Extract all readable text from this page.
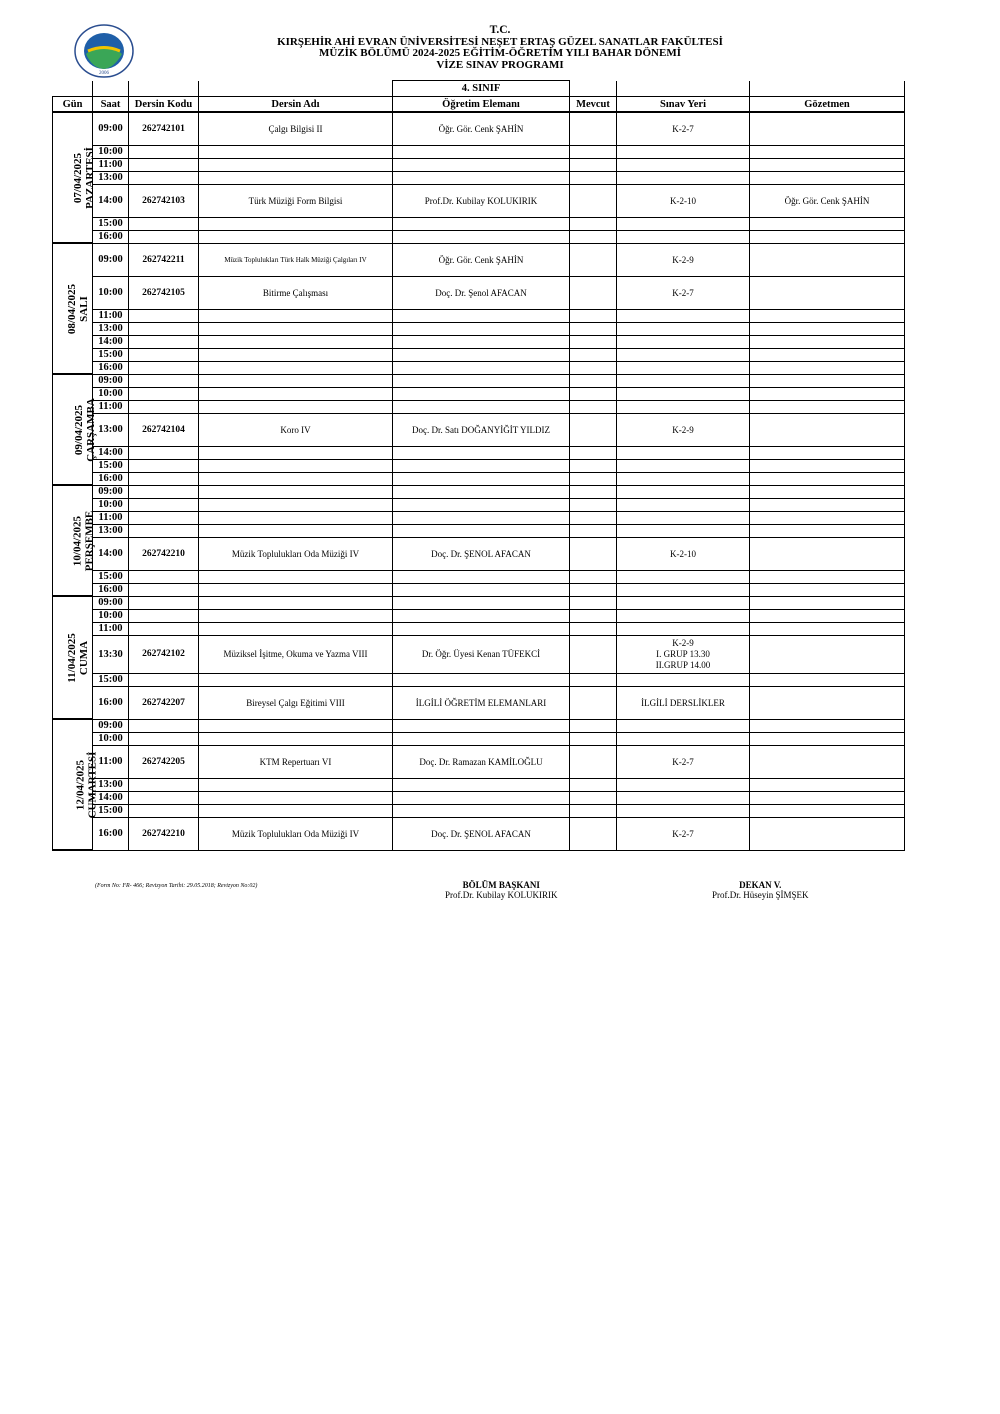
2006
T.C.
KIRŞEHİR AHİ EVRAN ÜNİVERSİTESİ NEŞET ERTAŞ GÜZEL SANATLAR FAKÜLTESİ
MÜZİK BÖLÜMÜ 2024-2025 EĞİTİM-ÖĞRETİM YILI BAHAR DÖNEMİ
VİZE SINAV PROGRAMI
				4. SINIF			
Gün	Saat	Dersin Kodu	Dersin Adı	Öğretim Elemanı	Mevcut	Sınav Yeri	Gözetmen

07/04/2025 PAZARTESİ	09:00	262742101	Çalgı Bilgisi II	Öğr. Gör. Cenk ŞAHİN		K-2-7	
	10:00						
	11:00						
	13:00						
	14:00	262742103	Türk Müziği Form Bilgisi	Prof.Dr. Kubilay KOLUKIRIK		K-2-10	Öğr. Gör. Cenk ŞAHİN
	15:00						
	16:00						

08/04/2025 SALI	09:00	262742211	Müzik Toplulukları Türk Halk Müziği Çalgıları IV	Öğr. Gör. Cenk ŞAHİN		K-2-9	
	10:00	262742105	Bitirme Çalışması	Doç. Dr. Şenol AFACAN		K-2-7	
	11:00						
	13:00						
	14:00						
	15:00						
	16:00						

09/04/2025 ÇARŞAMBA	09:00						
	10:00						
	11:00						
	13:00	262742104	Koro IV	Doç. Dr. Satı DOĞANYİĞİT YILDIZ		K-2-9	
	14:00						
	15:00						
	16:00						

10/04/2025 PERŞEMBE	09:00						
	10:00						
	11:00						
	13:00						
	14:00	262742210	Müzik Toplulukları Oda Müziği IV	Doç. Dr. ŞENOL AFACAN		K-2-10	
	15:00						
	16:00						

11/04/2025 CUMA	09:00						
	10:00						
	11:00						
	13:30	262742102	Müziksel İşitme, Okuma ve Yazma VIII	Dr. Öğr. Üyesi Kenan TÜFEKCİ		K-2-9
I. GRUP 13.30
II.GRUP 14.00	

	15:00						
	16:00	262742207	Bireysel Çalgı Eğitimi VIII	İLGİLİ ÖĞRETİM ELEMANLARI		İLGİLİ DERSLİKLER	

12/04/2025 CUMARTESİ	09:00						
	10:00						
	11:00	262742205	KTM Repertuarı VI	Doç. Dr. Ramazan KAMİLOĞLU		K-2-7	
	13:00						
	14:00						
	15:00						
	16:00	262742210	Müzik Toplulukları Oda Müziği IV	Doç. Dr. ŞENOL AFACAN		K-2-7	
(Form No: FR- 466; Revizyon Tarihi: 29.05.2018; Revizyon No:02)	BÖLÜM BAŞKANI
Prof.Dr. Kubilay KOLUKIRIK
DEKAN V.
Prof.Dr. Hüseyin ŞİMŞEK
